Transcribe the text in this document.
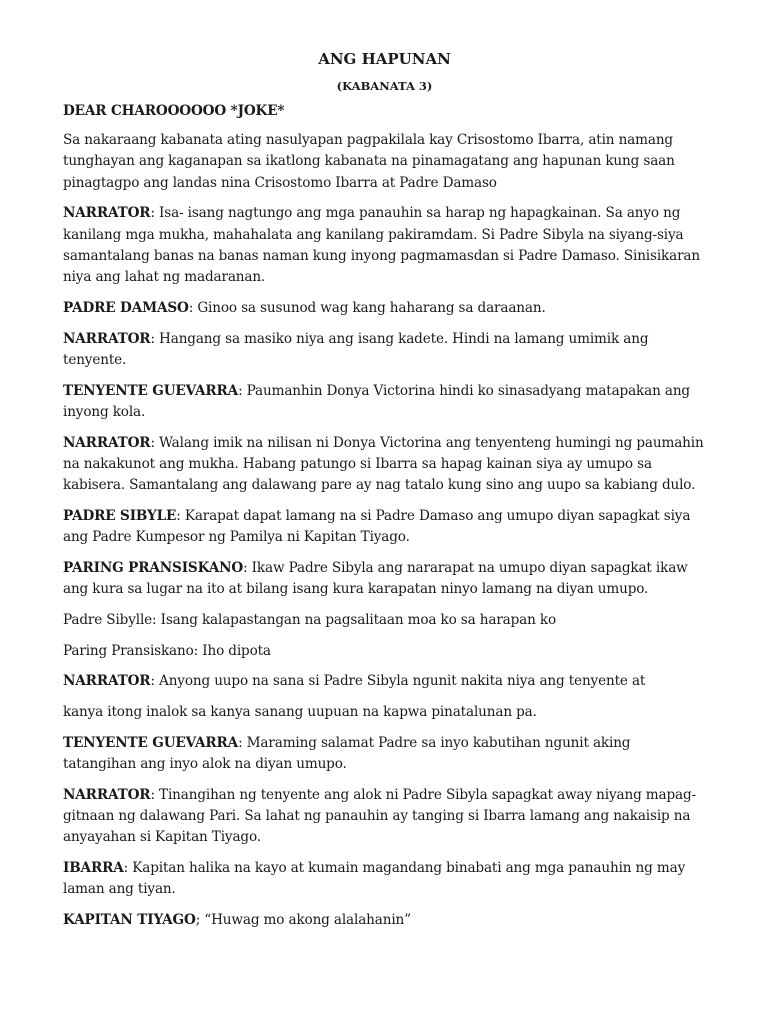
ANG HAPUNAN
(KABANATA 3)

DEAR CHAROOOOOO *JOKE*

Sa nakaraang kabanata ating nasulyapan pagpakilala kay Crisostomo Ibarra, atin namang tunghayan ang kaganapan sa ikatlong kabanata na pinamagatang ang hapunan kung saan pinagtagpo ang landas nina Crisostomo Ibarra at Padre Damaso

NARRATOR: Isa- isang nagtungo ang mga panauhin sa harap ng hapagkainan. Sa anyo ng kanilang mga mukha, mahahalata ang kanilang pakiramdam. Si Padre Sibyla na siyang-siya samantalang banas na banas naman kung inyong pagmamasdan si Padre Damaso. Sinisikaran niya ang lahat ng madaranan.

PADRE DAMASO: Ginoo sa susunod wag kang haharang sa daraanan.

NARRATOR: Hangang sa masiko niya ang isang kadete. Hindi na lamang umimik ang tenyente.

TENYENTE GUEVARRA: Paumanhin Donya Victorina hindi ko sinasadyang matapakan ang inyong kola.

NARRATOR: Walang imik na nilisan ni Donya Victorina ang tenyenteng humingi ng paumahin na nakakunot ang mukha. Habang patungo si Ibarra sa hapag kainan siya ay umupo sa kabisera. Samantalang ang dalawang pare ay nag tatalo kung sino ang uupo sa kabiang dulo.

PADRE SIBYLE: Karapat dapat lamang na si Padre Damaso ang umupo diyan sapagkat siya ang Padre Kumpesor ng Pamilya ni Kapitan Tiyago.

PARING PRANSISKANO: Ikaw Padre Sibyla ang nararapat na umupo diyan sapagkat ikaw ang kura sa lugar na ito at bilang isang kura karapatan ninyo lamang na diyan umupo.

Padre Sibylle: Isang kalapastangan na pagsalitaan moa ko sa harapan ko

Paring Pransiskano: Iho dipota

NARRATOR: Anyong uupo na sana si Padre Sibyla ngunit nakita niya ang tenyente at

kanya itong inalok sa kanya sanang uupuan na kapwa pinatalunan pa.

TENYENTE GUEVARRA: Maraming salamat Padre sa inyo kabutihan ngunit aking tatangihan ang inyo alok na diyan umupo.

NARRATOR: Tinangihan ng tenyente ang alok ni Padre Sibyla sapagkat away niyang mapag-gitnaan ng dalawang Pari. Sa lahat ng panauhin ay tanging si Ibarra lamang ang nakaisip na anyayahan si Kapitan Tiyago.

IBARRA: Kapitan halika na kayo at kumain magandang binabati ang mga panauhin ng may laman ang tiyan.

KAPITAN TIYAGO; “Huwag mo akong alalahanin”
